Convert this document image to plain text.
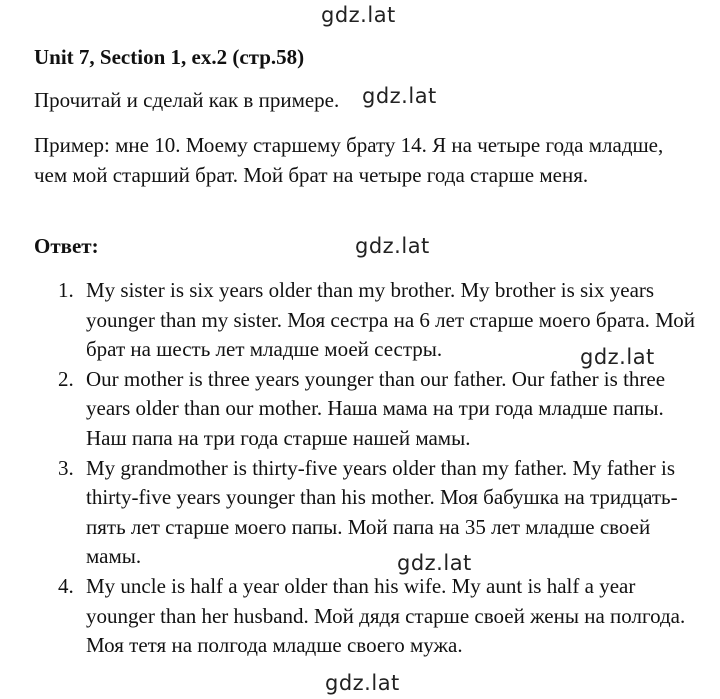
gdz.lat
Unit 7, Section 1, ex.2 (стр.58)
Прочитай и сделай как в примере. gdz.lat
Пример: мне 10. Моему старшему брату 14. Я на четыре года младше, чем мой старший брат. Мой брат на четыре года старше меня.
Ответ:	gdz.lat
1. My sister is six years older than my brother. My brother is six years younger than my sister. Моя сестра на 6 лет старше моего брата. Мой брат на шесть лет младше моей сестры.
2. Our mother is three years younger than our father. Our father is three years older than our mother. Наша мама на три года младше папы. Наш папа на три года старше нашей мамы.
3. My grandmother is thirty-five years older than my father. My father is thirty-five years younger than his mother. Моя бабушка на тридцать-пять лет старше моего папы. Мой папа на 35 лет младше своей мамы.
4. My uncle is half a year older than his wife. My aunt is half a year younger than her husband. Мой дядя старше своей жены на полгода. Моя тетя на полгода младше своего мужа.
gdz.lat
gdz.lat
gdz.lat
